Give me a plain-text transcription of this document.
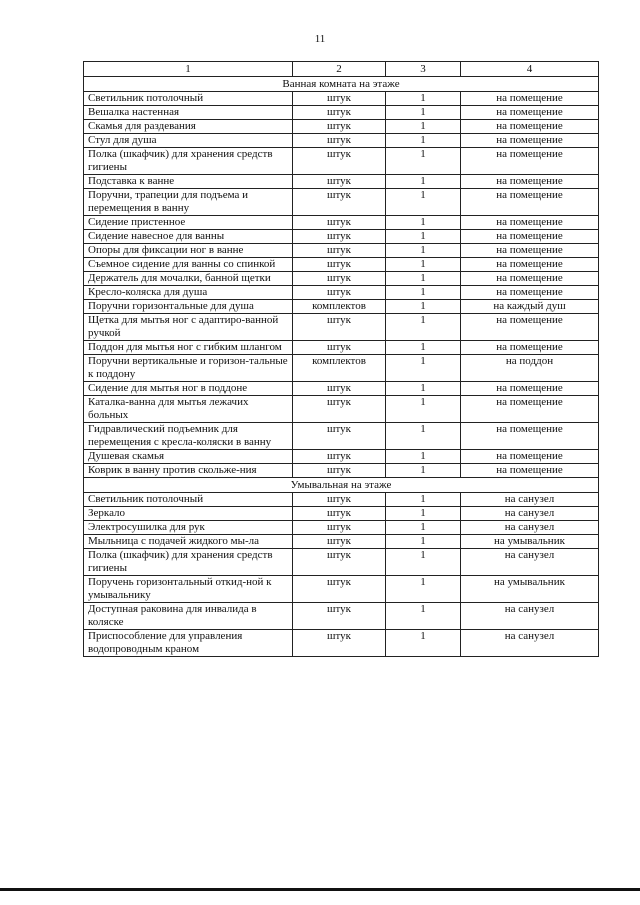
11
1	2	3	4
Ванная комната на этаже			
Светильник потолочный	штук	1	на помещение
Вешалка настенная	штук	1	на помещение
Скамья для раздевания	штук	1	на помещение
Стул для душа	штук	1	на помещение
Полка (шкафчик) для хранения средств гигиены	штук	1	на помещение
Подставка к ванне	штук	1	на помещение
Поручни, трапеции для подъема и перемещения в ванну	штук	1	на помещение
Сидение пристенное	штук	1	на помещение
Сидение навесное для ванны	штук	1	на помещение
Опоры для фиксации ног в ванне	штук	1	на помещение
Съемное сидение для ванны со спинкой	штук	1	на помещение
Держатель для мочалки, банной щетки	штук	1	на помещение
Кресло-коляска для душа	штук	1	на помещение
Поручни горизонтальные для душа	комплектов	1	на каждый душ
Щетка для мытья ног с адаптиро-ванной ручкой	штук	1	на помещение
Поддон для мытья ног с гибким шлангом	штук	1	на помещение
Поручни вертикальные и горизон-тальные к поддону	комплектов	1	на поддон
Сидение для мытья ног в поддоне	штук	1	на помещение
Каталка-ванна для мытья лежачих больных	штук	1	на помещение
Гидравлический подъемник для перемещения с кресла-коляски в ванну	штук	1	на помещение
Душевая скамья	штук	1	на помещение
Коврик в ванну против скольже-ния	штук	1	на помещение
Умывальная на этаже			
Светильник потолочный	штук	1	на санузел
Зеркало	штук	1	на санузел
Электросушилка для рук	штук	1	на санузел
Мыльница с подачей жидкого мы-ла	штук	1	на умывальник
Полка (шкафчик) для хранения средств гигиены	штук	1	на санузел
Поручень горизонтальный откид-ной к умывальнику	штук	1	на умывальник
Доступная раковина для инвалида в коляске	штук	1	на санузел
Приспособление для управления водопроводным краном	штук	1	на санузел
